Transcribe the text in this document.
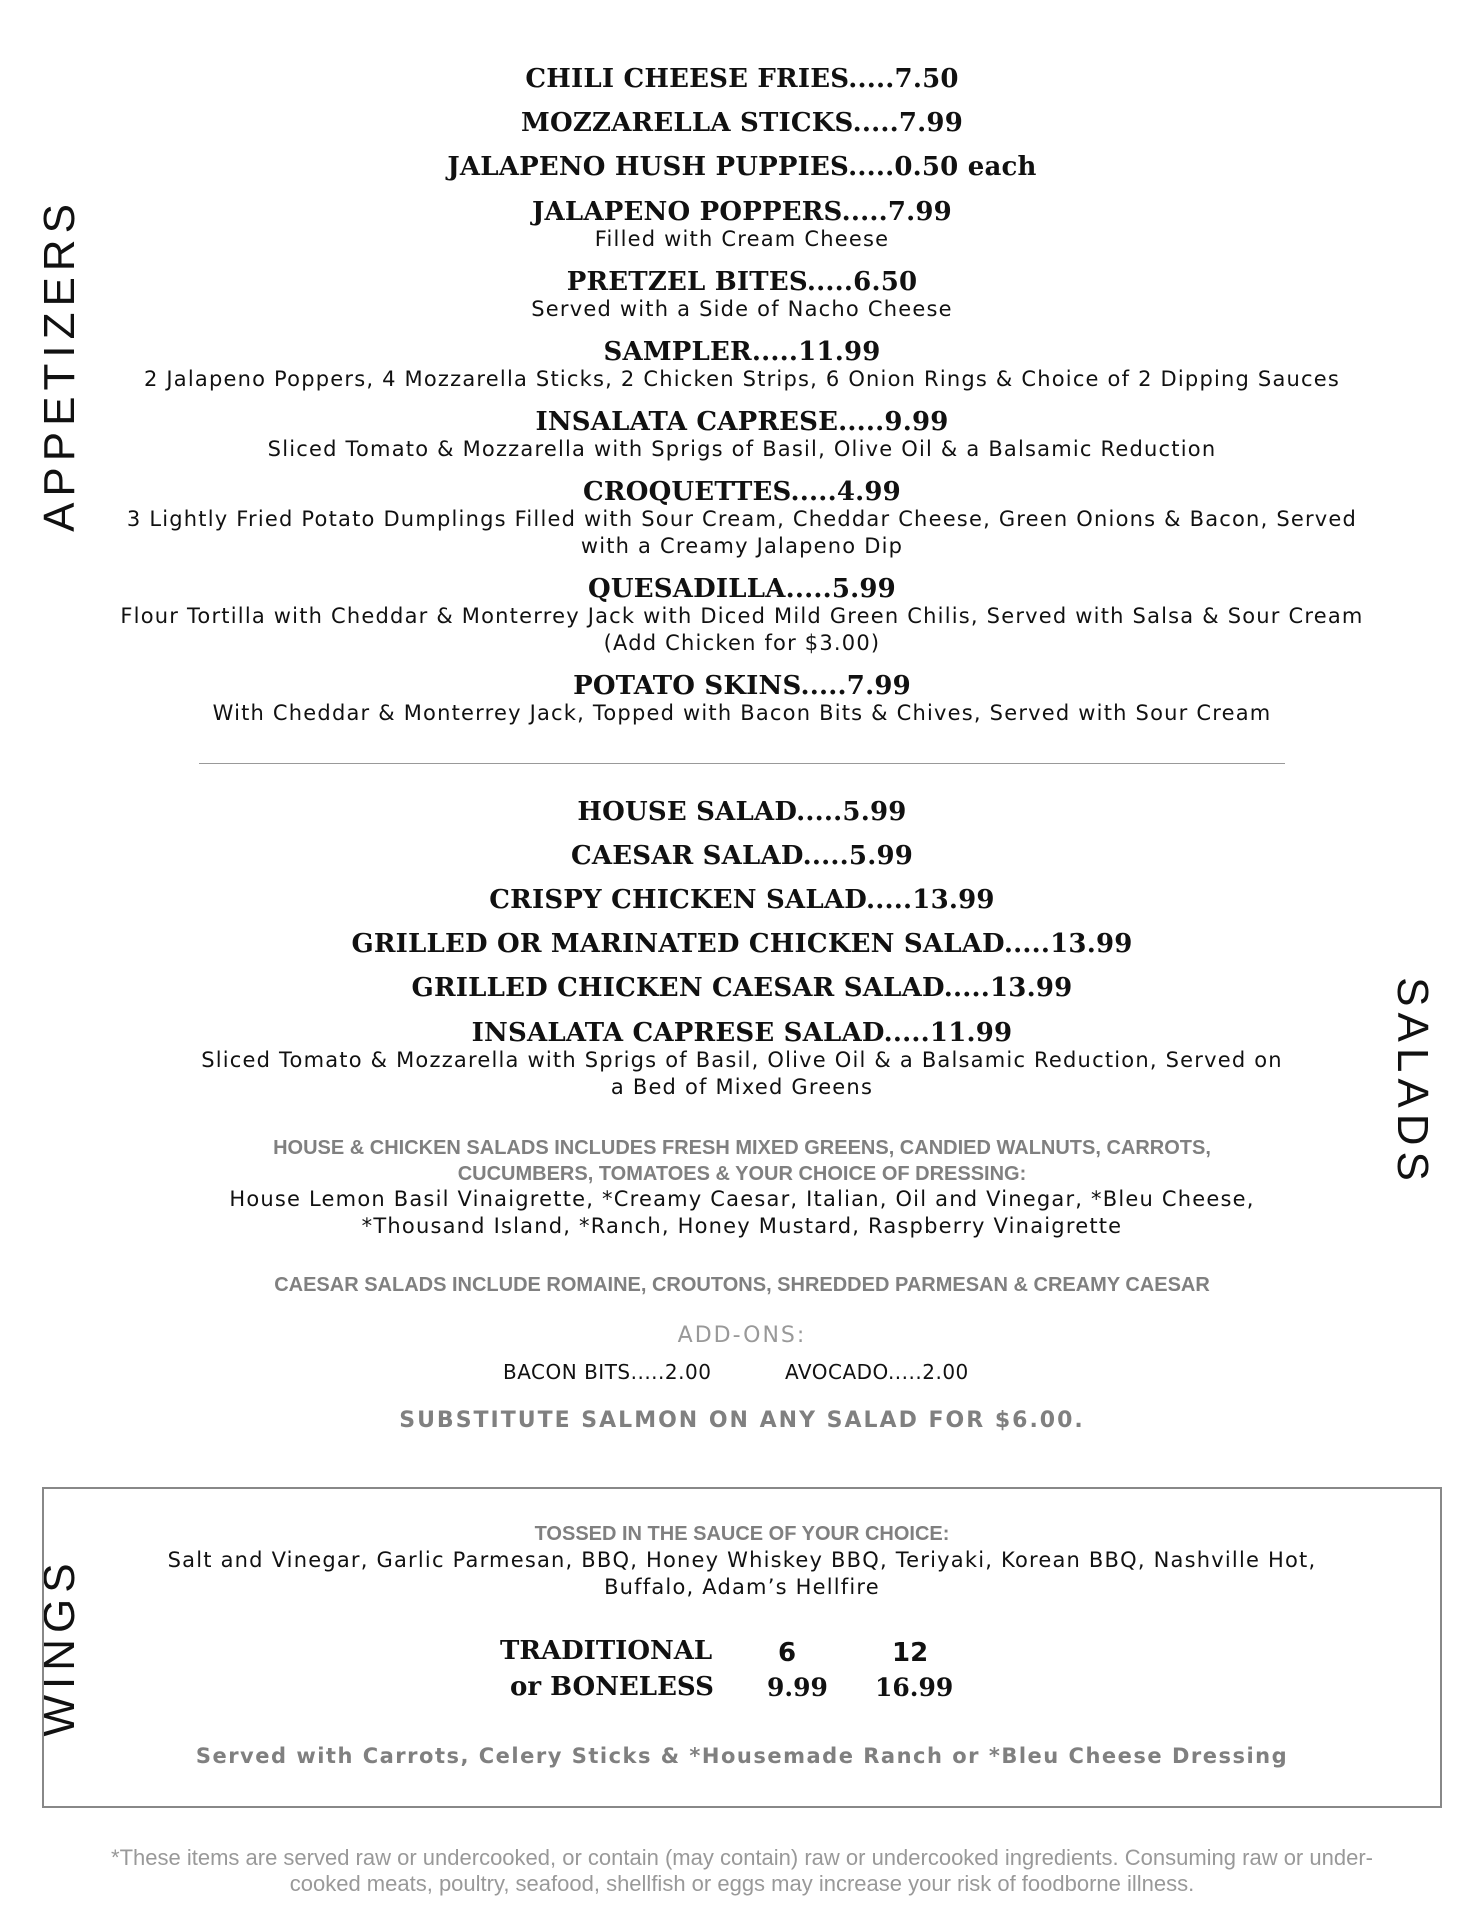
APPETIZERS
SALADS
WINGS
CHILI CHEESE FRIES.....7.50
MOZZARELLA STICKS.....7.99
JALAPENO HUSH PUPPIES.....0.50 each
JALAPENO POPPERS.....7.99
Filled with Cream Cheese
PRETZEL BITES.....6.50
Served with a Side of Nacho Cheese
SAMPLER.....11.99
2 Jalapeno Poppers, 4 Mozzarella Sticks, 2 Chicken Strips, 6 Onion Rings & Choice of 2 Dipping Sauces
INSALATA CAPRESE.....9.99
Sliced Tomato & Mozzarella with Sprigs of Basil, Olive Oil & a Balsamic Reduction
CROQUETTES.....4.99
3 Lightly Fried Potato Dumplings Filled with Sour Cream, Cheddar Cheese, Green Onions & Bacon, Served
with a Creamy Jalapeno Dip
QUESADILLA.....5.99
Flour Tortilla with Cheddar & Monterrey Jack with Diced Mild Green Chilis, Served with Salsa & Sour Cream
(Add Chicken for $3.00)
POTATO SKINS.....7.99
With Cheddar & Monterrey Jack, Topped with Bacon Bits & Chives, Served with Sour Cream
HOUSE SALAD.....5.99
CAESAR SALAD.....5.99
CRISPY CHICKEN SALAD.....13.99
GRILLED OR MARINATED CHICKEN SALAD.....13.99
GRILLED CHICKEN CAESAR SALAD.....13.99
INSALATA CAPRESE SALAD.....11.99
Sliced Tomato & Mozzarella with Sprigs of Basil, Olive Oil & a Balsamic Reduction, Served on
a Bed of Mixed Greens
HOUSE & CHICKEN SALADS INCLUDES FRESH MIXED GREENS, CANDIED WALNUTS, CARROTS,
CUCUMBERS, TOMATOES & YOUR CHOICE OF DRESSING:
House Lemon Basil Vinaigrette, *Creamy Caesar, Italian, Oil and Vinegar, *Bleu Cheese,
*Thousand Island, *Ranch, Honey Mustard, Raspberry Vinaigrette
CAESAR SALADS INCLUDE ROMAINE, CROUTONS, SHREDDED PARMESAN & CREAMY CAESAR
ADD-ONS:
BACON BITS.....2.00	AVOCADO.....2.00
SUBSTITUTE SALMON ON ANY SALAD FOR $6.00.
TOSSED IN THE SAUCE OF YOUR CHOICE:
Salt and Vinegar, Garlic Parmesan, BBQ, Honey Whiskey BBQ, Teriyaki, Korean BBQ, Nashville Hot,
Buffalo, Adam’s Hellfire
TRADITIONAL
or BONELESS
6	12
9.99 16.99
Served with Carrots, Celery Sticks & *Housemade Ranch or *Bleu Cheese Dressing
*These items are served raw or undercooked, or contain (may contain) raw or undercooked ingredients. Consuming raw or under-
cooked meats, poultry, seafood, shellfish or eggs may increase your risk of foodborne illness.
